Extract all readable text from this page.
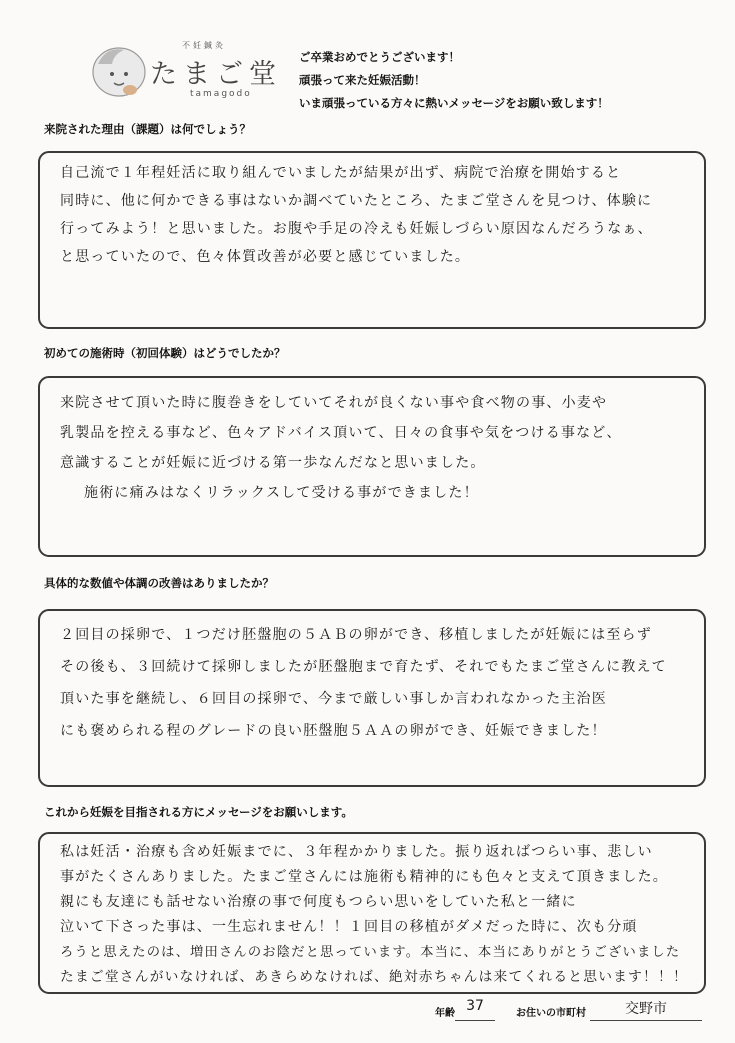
不妊鍼灸
たまご堂
tamagodo
ご卒業おめでとうございます！
頑張って来た妊娠活動！
いま頑張っている方々に熱いメッセージをお願い致します！
来院された理由（課題）は何でしょう？
自己流で１年程妊活に取り組んでいましたが結果が出ず、病院で治療を開始すると
同時に、他に何かできる事はないか調べていたところ、たまご堂さんを見つけ、体験に
行ってみよう！と思いました。お腹や手足の冷えも妊娠しづらい原因なんだろうなぁ、
と思っていたので、色々体質改善が必要と感じていました。
初めての施術時（初回体験）はどうでしたか？
来院させて頂いた時に腹巻きをしていてそれが良くない事や食べ物の事、小麦や
乳製品を控える事など、色々アドバイス頂いて、日々の食事や気をつける事など、
意識することが妊娠に近づける第一歩なんだなと思いました。
施術に痛みはなくリラックスして受ける事ができました！
具体的な数値や体調の改善はありましたか？
２回目の採卵で、１つだけ胚盤胞の５ＡＢの卵ができ、移植しましたが妊娠には至らず
その後も、３回続けて採卵しましたが胚盤胞まで育たず、それでもたまご堂さんに教えて
頂いた事を継続し、６回目の採卵で、今まで厳しい事しか言われなかった主治医
にも褒められる程のグレードの良い胚盤胞５ＡＡの卵ができ、妊娠できました！
これから妊娠を目指される方にメッセージをお願いします。
私は妊活・治療も含め妊娠までに、３年程かかりました。振り返ればつらい事、悲しい
事がたくさんありました。たまご堂さんには施術も精神的にも色々と支えて頂きました。
親にも友達にも話せない治療の事で何度もつらい思いをしていた私と一緒に
泣いて下さった事は、一生忘れません！！１回目の移植がダメだった時に、次も分頑
ろうと思えたのは、増田さんのお陰だと思っています。本当に、本当にありがとうございました
たまご堂さんがいなければ、あきらめなければ、絶対赤ちゃんは来てくれると思います！！！
年齢 37	お住いの市町村	交野市
